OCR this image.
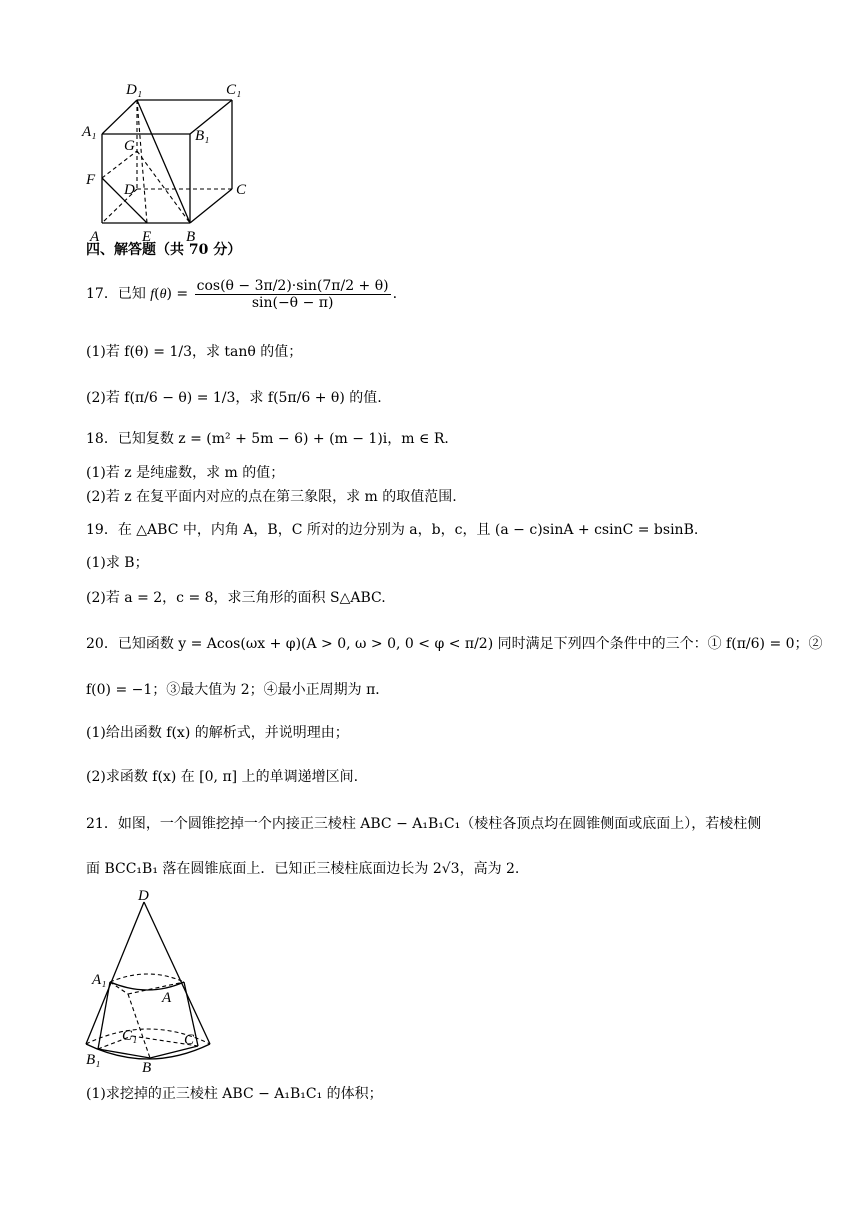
D₁	C₁
A₁	B₁
G
F
D	C
A	E B
四、解答题（共 70 分）
17．已知 $f(\theta) = \frac{\cos(\theta - 3\pi/2)\cdot\sin(7\pi/2 + \theta)}{\sin(-\theta - \pi)}$ .
(1)若 f(θ) = 1/3，求 tanθ 的值；
(2)若 f(π/6 − θ) = 1/3，求 f(5π/6 + θ) 的值.
18．已知复数 z = (m² + 5m − 6) + (m − 1)i，m ∈ R．
(1)若 z 是纯虚数，求 m 的值；
(2)若 z 在复平面内对应的点在第三象限，求 m 的取值范围.
19．在 △ABC 中，内角 A，B，C 所对的边分别为 a，b，c，且 (a − c)sinA + csinC = bsinB.
(1)求 B；
(2)若 a = 2，c = 8，求三角形的面积 S△ABC.
20．已知函数 y = Acos(ωx + φ)(A > 0, ω > 0, 0 < φ < π/2) 同时满足下列四个条件中的三个：① f(π/6) = 0；②
f(0) = −1；③最大值为 2；④最小正周期为 π．
(1)给出函数 f(x) 的解析式，并说明理由；
(2)求函数 f(x) 在 [0, π] 上的单调递增区间.
21．如图，一个圆锥挖掉一个内接正三棱柱 ABC − A₁B₁C₁（棱柱各顶点均在圆锥侧面或底面上），若棱柱侧
面 BCC₁B₁ 落在圆锥底面上．已知正三棱柱底面边长为 2√3，高为 2.
D
A₁
A
C₁	C
B₁	B
(1)求挖掉的正三棱柱 ABC − A₁B₁C₁ 的体积；
